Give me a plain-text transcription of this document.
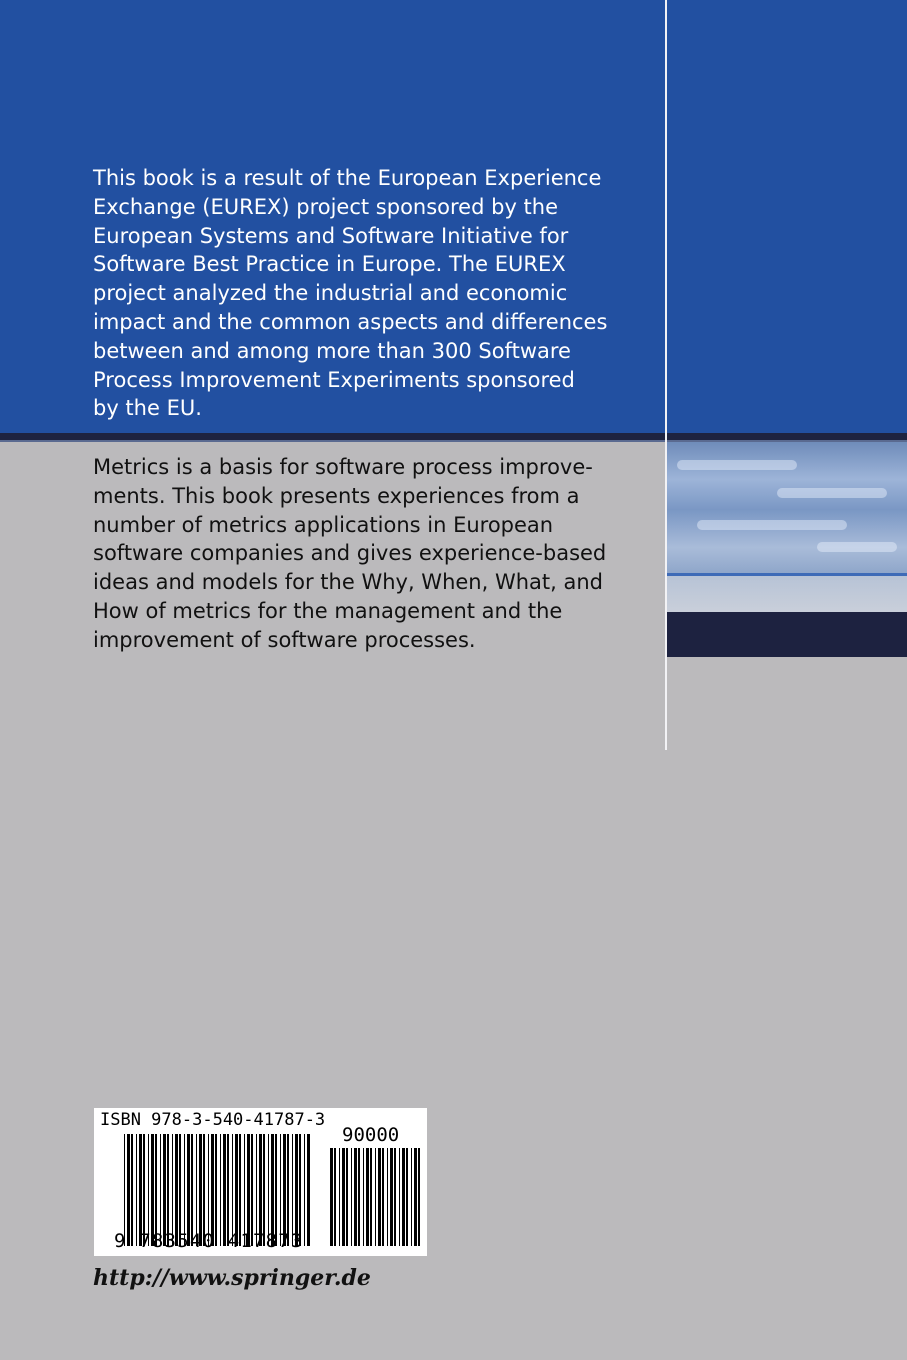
This book is a result of the European Experience
Exchange (EUREX) project sponsored by the
European Systems and Software Initiative for
Software Best Practice in Europe. The EUREX
project analyzed the industrial and economic
impact and the common aspects and differences
between and among more than 300 Software
Process Improvement Experiments sponsored
by the EU.

Metrics is a basis for software process improve-
ments. This book presents experiences from a
number of metrics applications in European
software companies and gives experience-based
ideas and models for the Why, When, What, and
How of metrics for the management and the
improvement of software processes.

ISBN 978-3-540-41787-3
90000
9 783540 417873

http://www.springer.de
